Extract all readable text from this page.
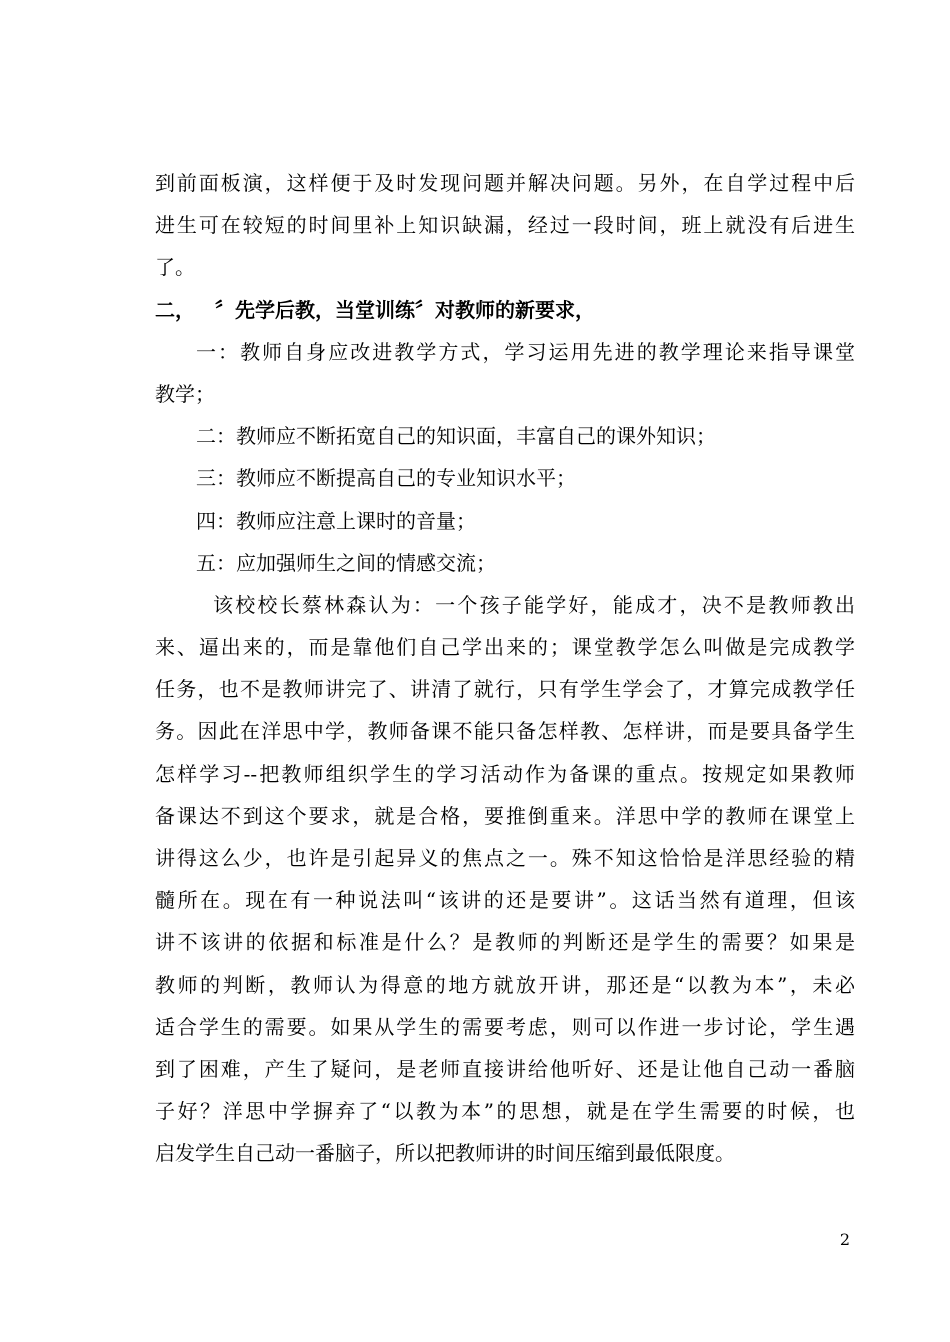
到前面板演，这样便于及时发现问题并解决问题。另外，在自学过程中后
进生可在较短的时间里补上知识缺漏，经过一段时间，班上就没有后进生
了。
二， 〞先学后教，当堂训练〞对教师的新要求，
一：教师自身应改进教学方式，学习运用先进的教学理论来指导课堂
教学；
二：教师应不断拓宽自己的知识面，丰富自己的课外知识；
三：教师应不断提高自己的专业知识水平；
四：教师应注意上课时的音量；
五：应加强师生之间的情感交流；
该校校长蔡林森认为：一个孩子能学好，能成才，决不是教师教出
来、逼出来的，而是靠他们自己学出来的；课堂教学怎么叫做是完成教学
任务，也不是教师讲完了、讲清了就行，只有学生学会了，才算完成教学任
务。因此在洋思中学，教师备课不能只备怎样教、怎样讲，而是要具备学生
怎样学习--把教师组织学生的学习活动作为备课的重点。按规定如果教师
备课达不到这个要求，就是合格，要推倒重来。洋思中学的教师在课堂上
讲得这么少，也许是引起异义的焦点之一。殊不知这恰恰是洋思经验的精
髓所在。现在有一种说法叫“该讲的还是要讲”。这话当然有道理，但该
讲不该讲的依据和标准是什么？是教师的判断还是学生的需要？如果是
教师的判断，教师认为得意的地方就放开讲，那还是“以教为本”，未必
适合学生的需要。如果从学生的需要考虑，则可以作进一步讨论，学生遇
到了困难，产生了疑问，是老师直接讲给他听好、还是让他自己动一番脑
子好？洋思中学摒弃了“以教为本”的思想，就是在学生需要的时候，也
启发学生自己动一番脑子，所以把教师讲的时间压缩到最低限度。
2
